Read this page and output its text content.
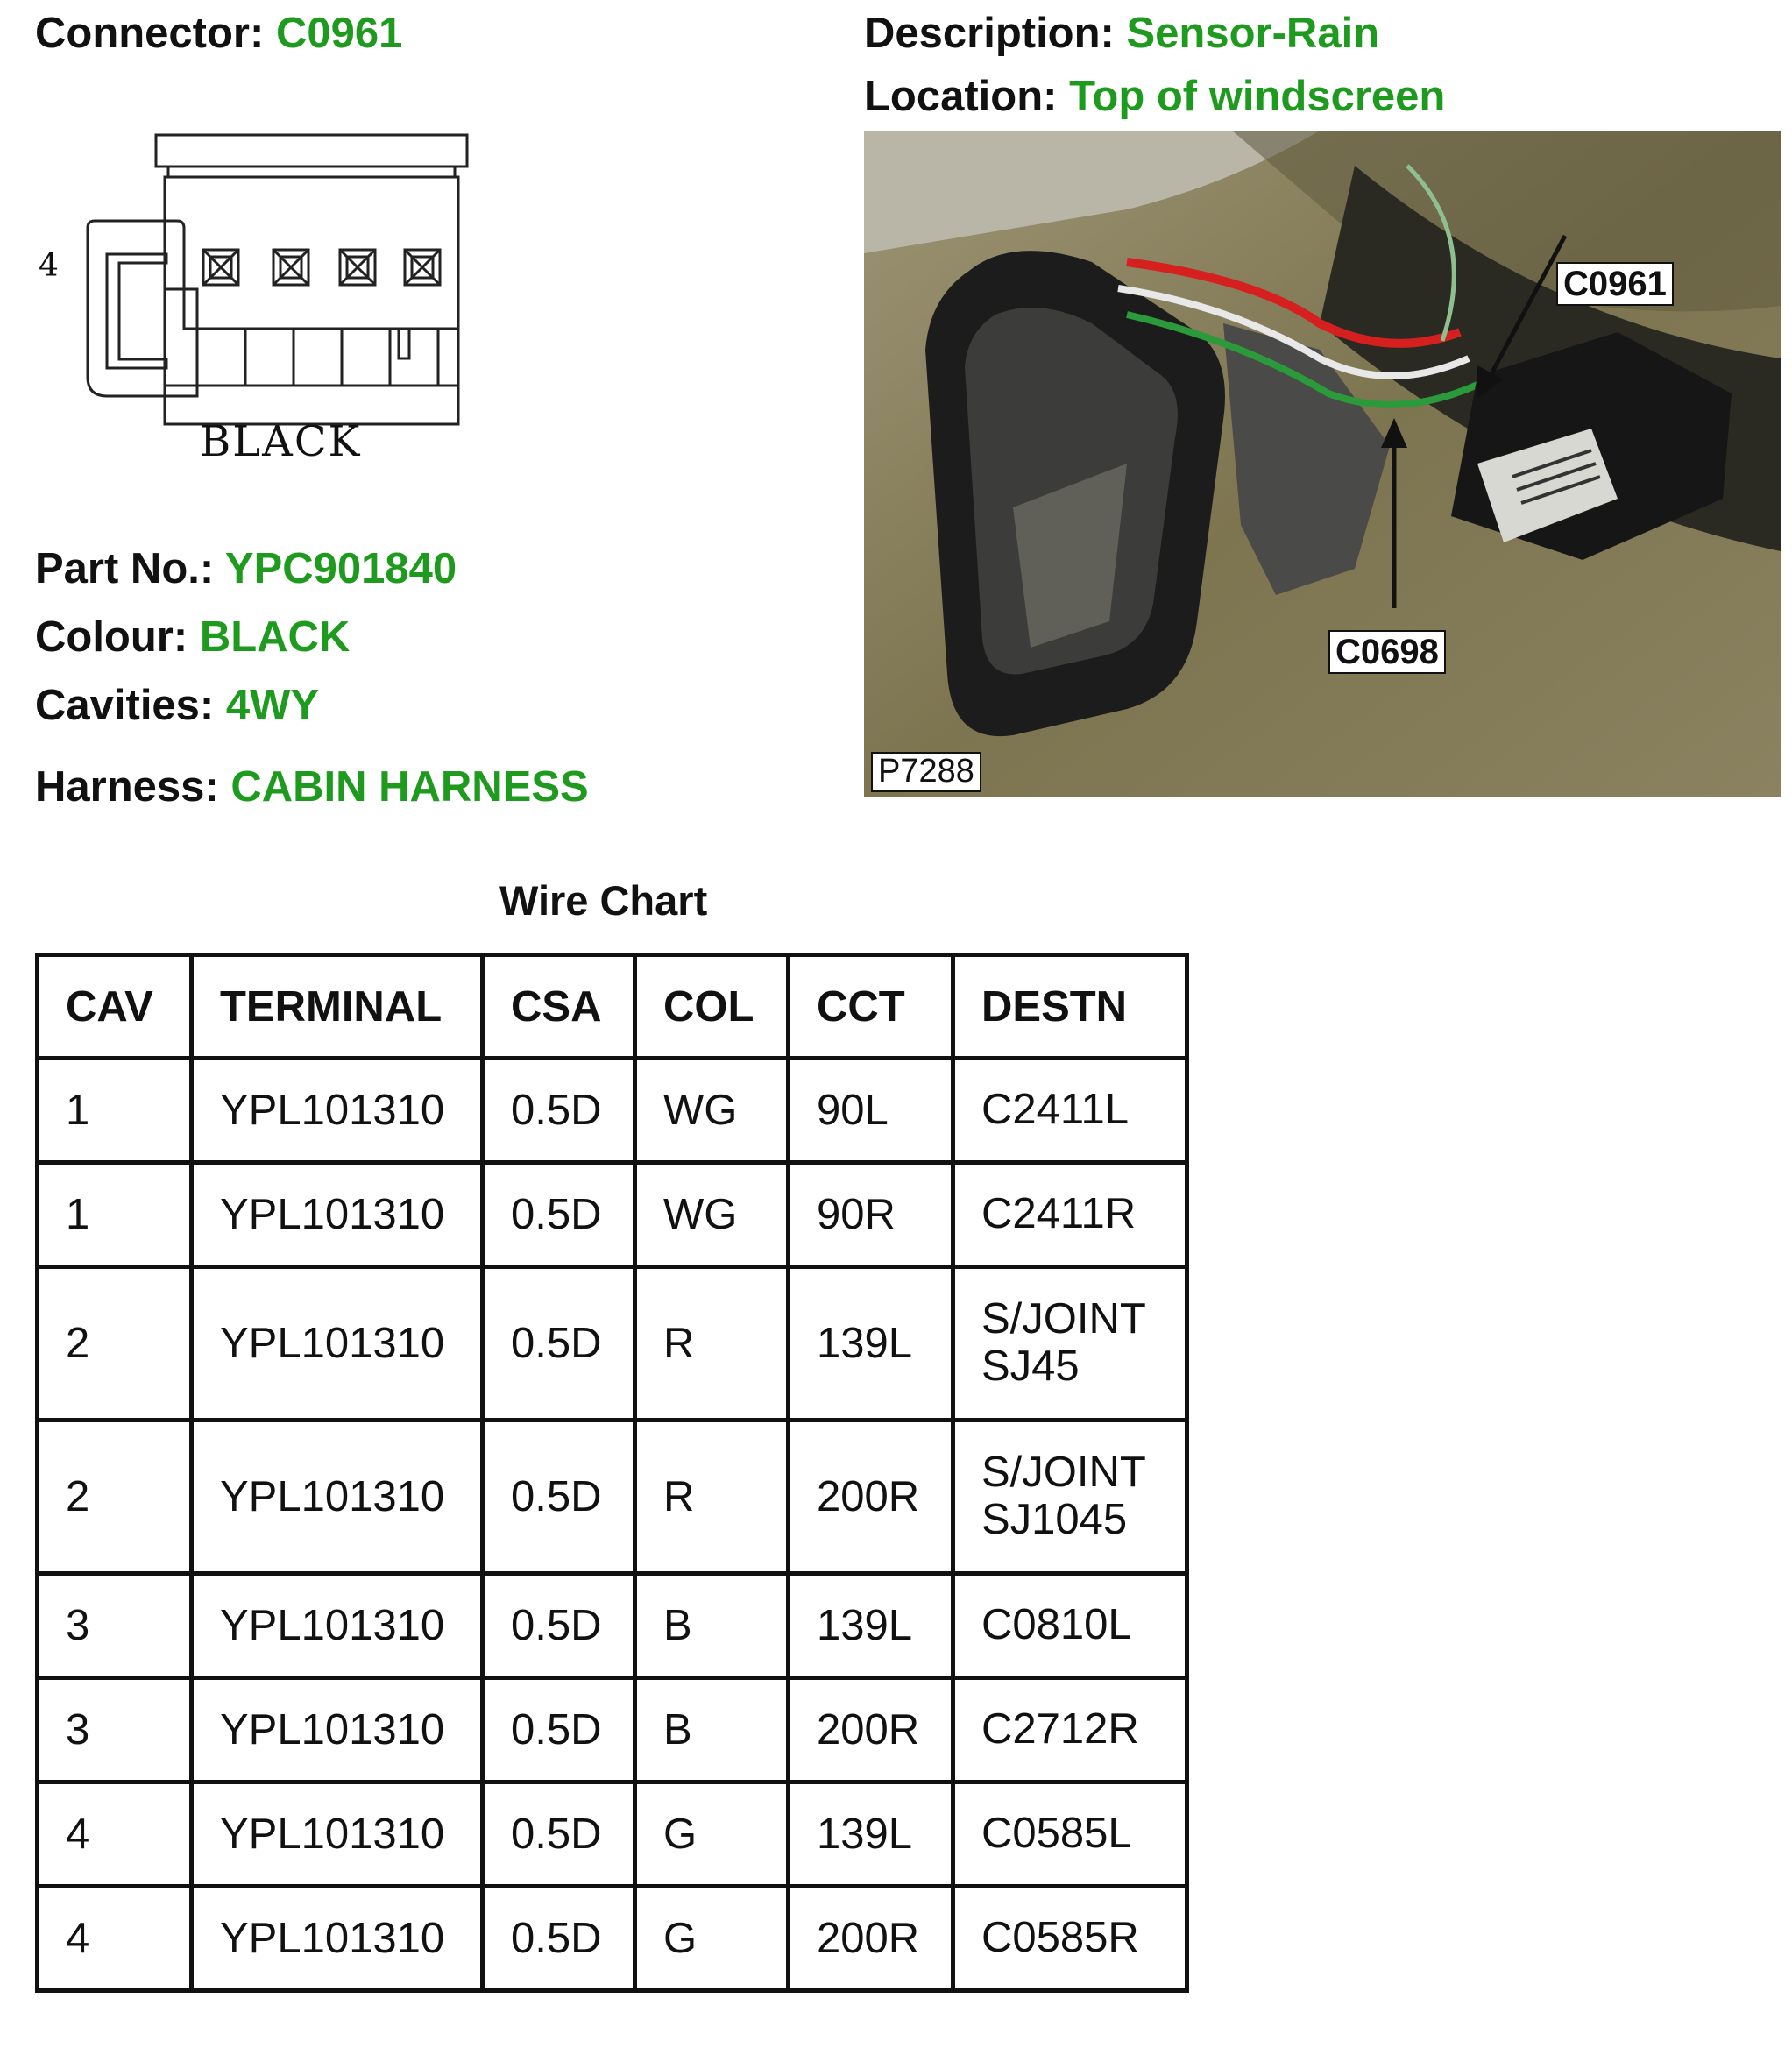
Connector: C0961	Description: Sensor-Rain
Location: Top of windscreen
4
BLACK
Part No.: YPC901840
Colour: BLACK
Cavities: 4WY
Harness: CABIN HARNESS
C0961
C0698
P7288
Wire Chart
CAV	TERMINAL	CSA	COL	CCT	DESTN
1	YPL101310	0.5D	WG	90L	C2411L

1	YPL101310	0.5D	WG	90R	C2411R

2	YPL101310	0.5D	R	139L	S/JOINT
SJ45

2	YPL101310	0.5D	R	200R	S/JOINT
SJ1045

3	YPL101310	0.5D	B	139L	C0810L

3	YPL101310	0.5D	B	200R	C2712R

4	YPL101310	0.5D	G	139L	C0585L

4	YPL101310	0.5D	G	200R	C0585R
